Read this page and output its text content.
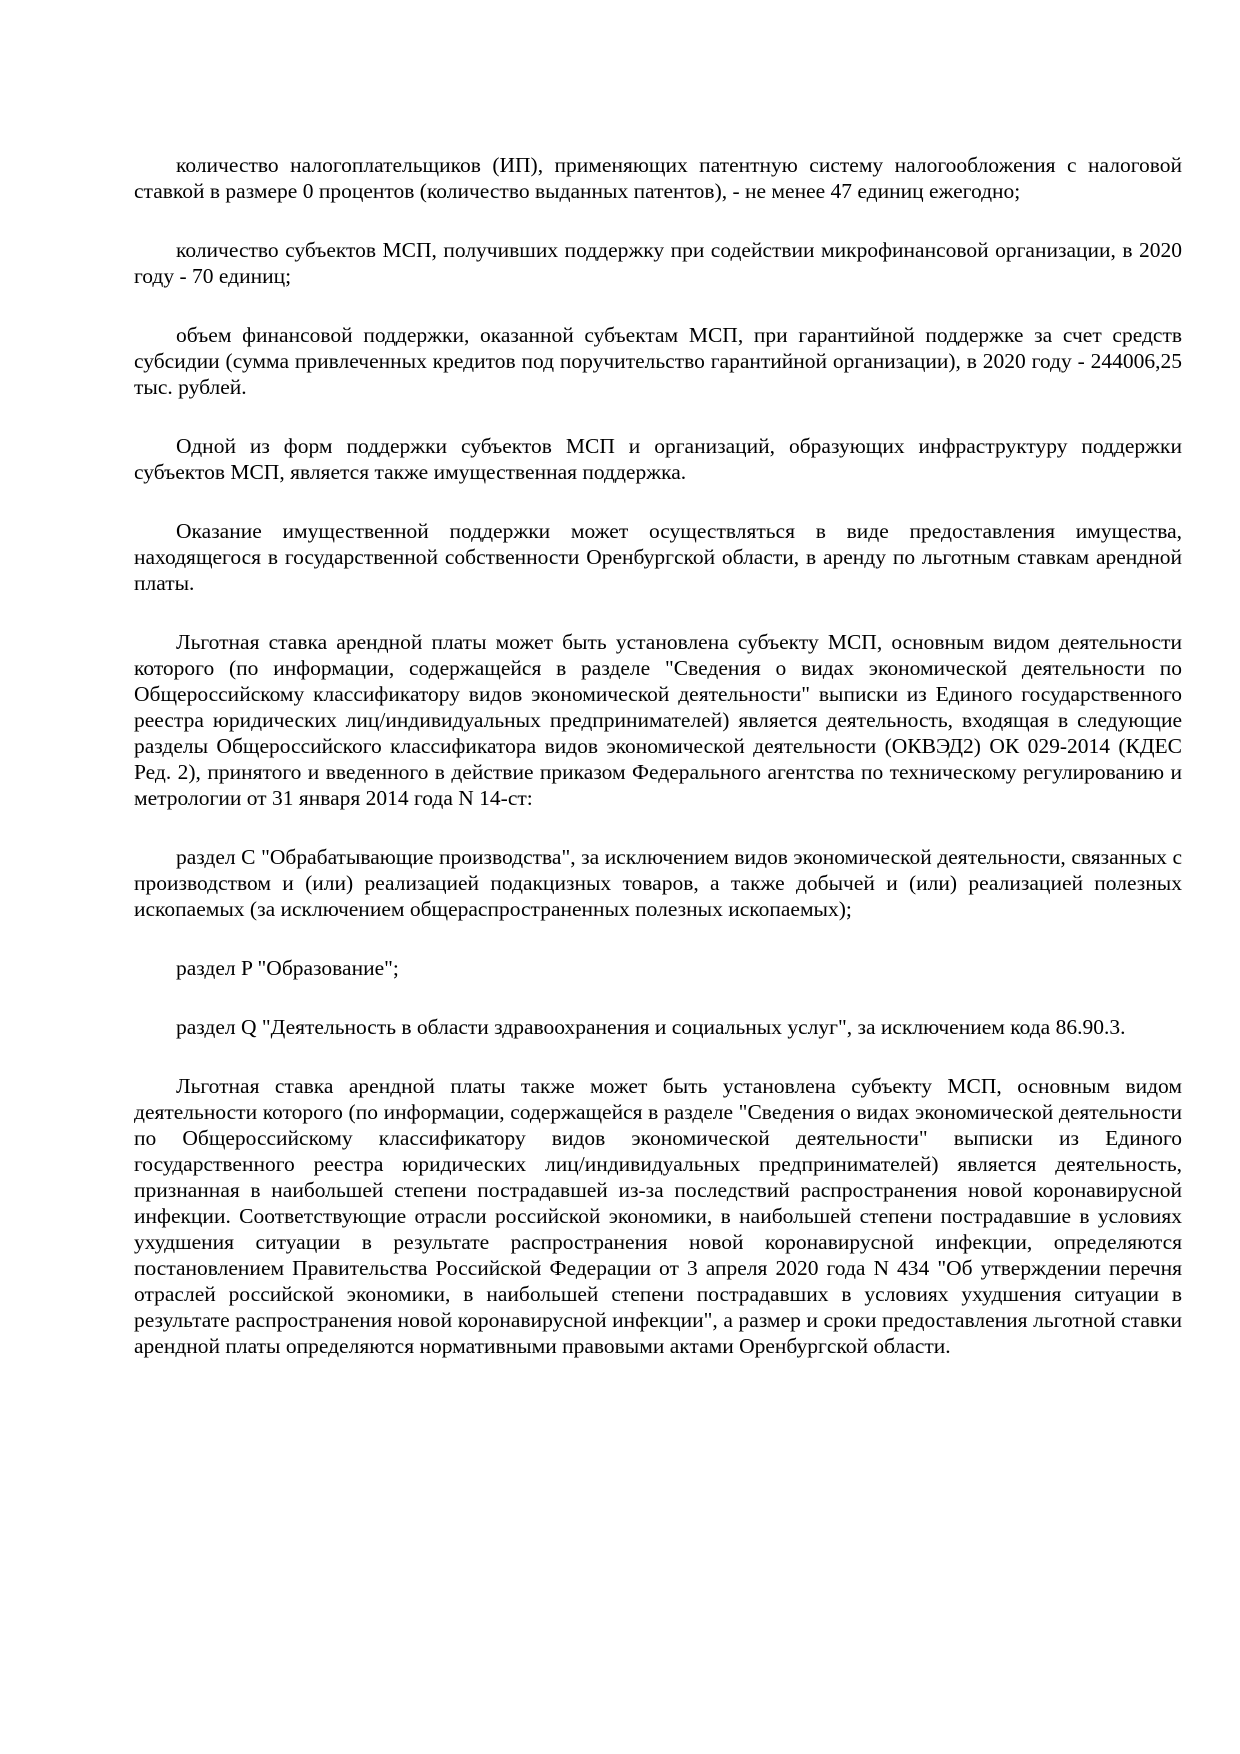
количество налогоплательщиков (ИП), применяющих патентную систему налогообложения с налоговой ставкой в размере 0 процентов (количество выданных патентов), - не менее 47 единиц ежегодно;

количество субъектов МСП, получивших поддержку при содействии микрофинансовой организации, в 2020 году - 70 единиц;

объем финансовой поддержки, оказанной субъектам МСП, при гарантийной поддержке за счет средств субсидии (сумма привлеченных кредитов под поручительство гарантийной организации), в 2020 году - 244006,25 тыс. рублей.

Одной из форм поддержки субъектов МСП и организаций, образующих инфраструктуру поддержки субъектов МСП, является также имущественная поддержка.

Оказание имущественной поддержки может осуществляться в виде предоставления имущества, находящегося в государственной собственности Оренбургской области, в аренду по льготным ставкам арендной платы.

Льготная ставка арендной платы может быть установлена субъекту МСП, основным видом деятельности которого (по информации, содержащейся в разделе "Сведения о видах экономической деятельности по Общероссийскому классификатору видов экономической деятельности" выписки из Единого государственного реестра юридических лиц/индивидуальных предпринимателей) является деятельность, входящая в следующие разделы Общероссийского классификатора видов экономической деятельности (ОКВЭД2) ОК 029-2014 (КДЕС Ред. 2), принятого и введенного в действие приказом Федерального агентства по техническому регулированию и метрологии от 31 января 2014 года N 14-ст:

раздел C "Обрабатывающие производства", за исключением видов экономической деятельности, связанных с производством и (или) реализацией подакцизных товаров, а также добычей и (или) реализацией полезных ископаемых (за исключением общераспространенных полезных ископаемых);

раздел P "Образование";

раздел Q "Деятельность в области здравоохранения и социальных услуг", за исключением кода 86.90.3.

Льготная ставка арендной платы также может быть установлена субъекту МСП, основным видом деятельности которого (по информации, содержащейся в разделе "Сведения о видах экономической деятельности по Общероссийскому классификатору видов экономической деятельности" выписки из Единого государственного реестра юридических лиц/индивидуальных предпринимателей) является деятельность, признанная в наибольшей степени пострадавшей из-за последствий распространения новой коронавирусной инфекции. Соответствующие отрасли российской экономики, в наибольшей степени пострадавшие в условиях ухудшения ситуации в результате распространения новой коронавирусной инфекции, определяются постановлением Правительства Российской Федерации от 3 апреля 2020 года N 434 "Об утверждении перечня отраслей российской экономики, в наибольшей степени пострадавших в условиях ухудшения ситуации в результате распространения новой коронавирусной инфекции", а размер и сроки предоставления льготной ставки арендной платы определяются нормативными правовыми актами Оренбургской области.
